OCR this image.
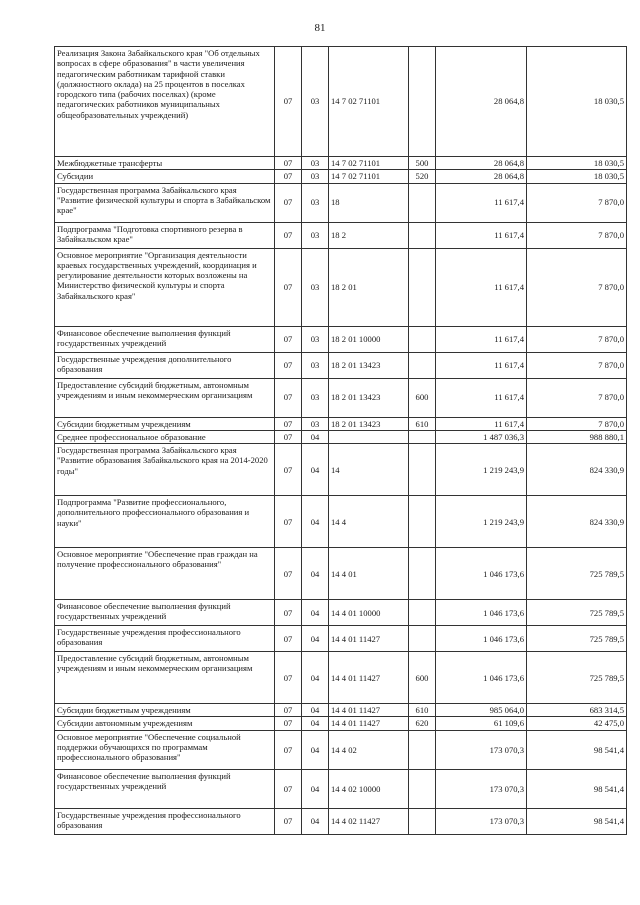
81
Реализация Закона Забайкальского края "Об отдельных вопросах в сфере образования" в части увеличения педагогическим работникам тарифной ставки (должностного оклада) на 25 процентов в поселках городского типа (рабочих поселках) (кроме педагогических работников муниципальных общеобразовательных учреждений)	07	03	14 7 02 71101		28 064,8	18 030,5
Межбюджетные трансферты	07	03	14 7 02 71101	500	28 064,8	18 030,5
Субсидии	07	03	14 7 02 71101	520	28 064,8	18 030,5
Государственная программа Забайкальского края "Развитие физической культуры и спорта в Забайкальском крае"	07	03	18		11 617,4	7 870,0
Подпрограмма "Подготовка спортивного резерва в Забайкальском крае"	07	03	18 2		11 617,4	7 870,0
Основное мероприятие "Организация деятельности краевых государственных учреждений, координация и регулирование деятельности которых возложены на Министерство физической культуры и спорта Забайкальского края"	07	03	18 2 01		11 617,4	7 870,0
Финансовое обеспечение выполнения функций государственных учреждений	07	03	18 2 01 10000		11 617,4	7 870,0
Государственные учреждения дополнительного образования	07	03	18 2 01 13423		11 617,4	7 870,0
Предоставление субсидий бюджетным, автономным учреждениям и иным некоммерческим организациям	07	03	18 2 01 13423	600	11 617,4	7 870,0
Субсидии бюджетным учреждениям	07	03	18 2 01 13423	610	11 617,4	7 870,0
Среднее профессиональное образование	07	04			1 487 036,3	988 880,1
Государственная программа Забайкальского края "Развитие образования Забайкальского края на 2014-2020 годы"	07	04	14		1 219 243,9	824 330,9
Подпрограмма "Развитие профессионального, дополнительного профессионального образования и науки"	07	04	14 4		1 219 243,9	824 330,9
Основное мероприятие "Обеспечение прав граждан на получение профессионального образования"	07	04	14 4 01		1 046 173,6	725 789,5
Финансовое обеспечение выполнения функций государственных учреждений	07	04	14 4 01 10000		1 046 173,6	725 789,5
Государственные учреждения профессионального образования	07	04	14 4 01 11427		1 046 173,6	725 789,5
Предоставление субсидий бюджетным, автономным учреждениям и иным некоммерческим организациям	07	04	14 4 01 11427	600	1 046 173,6	725 789,5
Субсидии бюджетным учреждениям	07	04	14 4 01 11427	610	985 064,0	683 314,5
Субсидии автономным учреждениям	07	04	14 4 01 11427	620	61 109,6	42 475,0
Основное мероприятие "Обеспечение социальной поддержки обучающихся по программам профессионального образования"	07	04	14 4 02		173 070,3	98 541,4
Финансовое обеспечение выполнения функций государственных учреждений	07	04	14 4 02 10000		173 070,3	98 541,4
Государственные учреждения профессионального образования	07	04	14 4 02 11427		173 070,3	98 541,4
